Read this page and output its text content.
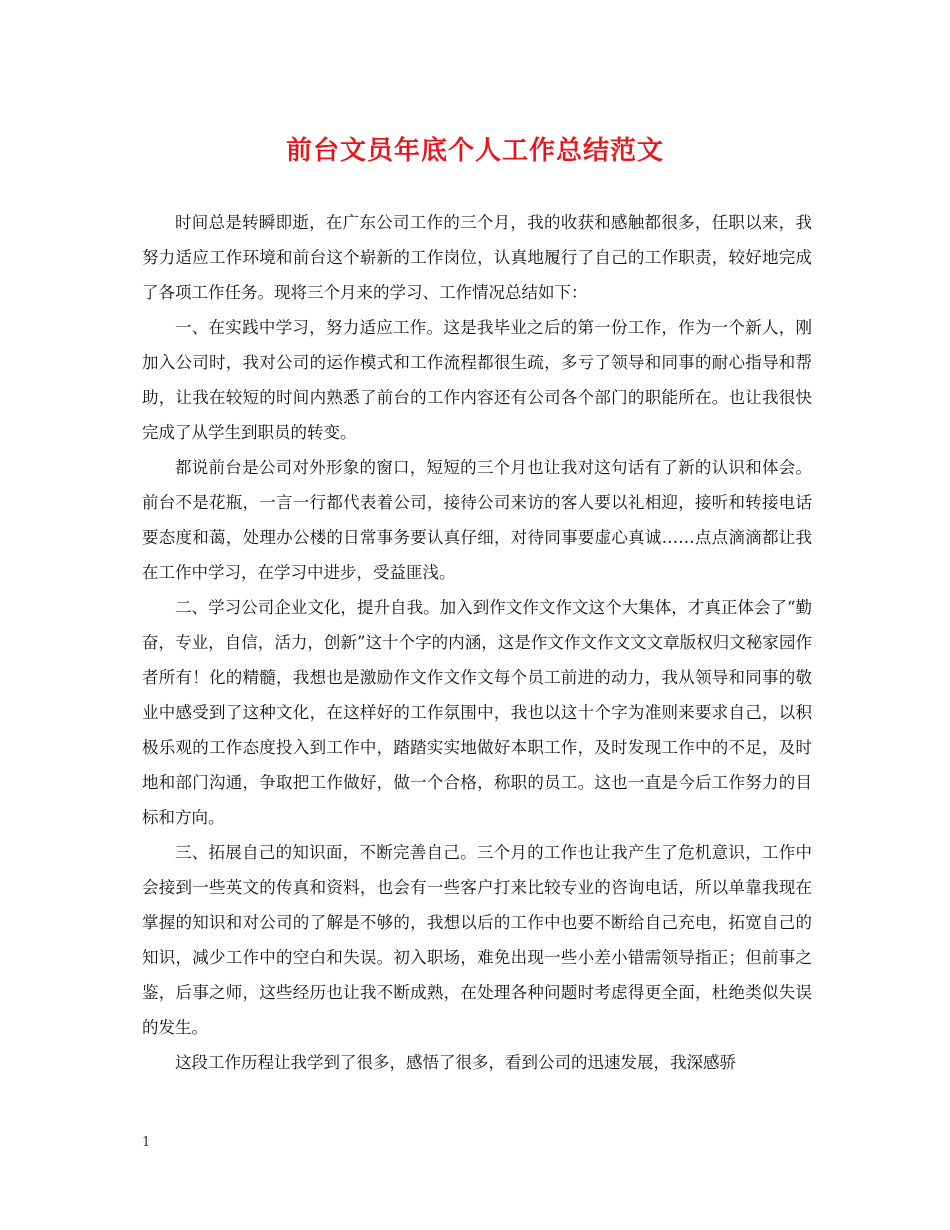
前台文员年底个人工作总结范文

时间总是转瞬即逝，在广东公司工作的三个月，我的收获和感触都很多，任职以来，我努力适应工作环境和前台这个崭新的工作岗位，认真地履行了自己的工作职责，较好地完成了各项工作任务。现将三个月来的学习、工作情况总结如下：

一、在实践中学习，努力适应工作。这是我毕业之后的第一份工作，作为一个新人，刚加入公司时，我对公司的运作模式和工作流程都很生疏，多亏了领导和同事的耐心指导和帮助，让我在较短的时间内熟悉了前台的工作内容还有公司各个部门的职能所在。也让我很快完成了从学生到职员的转变。

都说前台是公司对外形象的窗口，短短的三个月也让我对这句话有了新的认识和体会。前台不是花瓶，一言一行都代表着公司，接待公司来访的客人要以礼相迎，接听和转接电话要态度和蔼，处理办公楼的日常事务要认真仔细，对待同事要虚心真诚……点点滴滴都让我在工作中学习，在学习中进步，受益匪浅。

二、学习公司企业文化，提升自我。加入到作文作文作文这个大集体，才真正体会了“勤奋，专业，自信，活力，创新”这十个字的内涵，这是作文作文作文文文章版权归文秘家园作者所有！化的精髓，我想也是激励作文作文作文每个员工前进的动力，我从领导和同事的敬业中感受到了这种文化，在这样好的工作氛围中，我也以这十个字为准则来要求自己，以积极乐观的工作态度投入到工作中，踏踏实实地做好本职工作，及时发现工作中的不足，及时地和部门沟通，争取把工作做好，做一个合格，称职的员工。这也一直是今后工作努力的目标和方向。

三、拓展自己的知识面，不断完善自己。三个月的工作也让我产生了危机意识，工作中会接到一些英文的传真和资料，也会有一些客户打来比较专业的咨询电话，所以单靠我现在掌握的知识和对公司的了解是不够的，我想以后的工作中也要不断给自己充电，拓宽自己的知识，减少工作中的空白和失误。初入职场，难免出现一些小差小错需领导指正；但前事之鉴，后事之师，这些经历也让我不断成熟，在处理各种问题时考虑得更全面，杜绝类似失误的发生。

这段工作历程让我学到了很多，感悟了很多，看到公司的迅速发展，我深感骄

1
